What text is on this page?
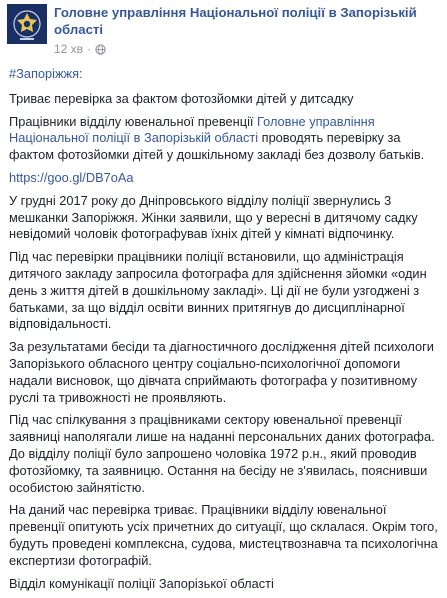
Головне управління Національної поліції в Запорізькій області
12 хв ·

#Запоріжжя:

Триває перевірка за фактом фотозйомки дітей у дитсадку

Працівники відділу ювенальної превенції Головне управління Національної поліції в Запорізькій області проводять перевірку за фактом фотозйомки дітей у дошкільному закладі без дозволу батьків.

https://goo.gl/DB7oAa

У грудні 2017 року до Дніпровського відділу поліції звернулись 3 мешканки Запоріжжя. Жінки заявили, що у вересні в дитячому садку невідомий чоловік фотографував їхніх дітей у кімнаті відпочинку.

Під час перевірки працівники поліції встановили, що адміністрація дитячого закладу запросила фотографа для здійснення зйомки «один день з життя дітей в дошкільному закладі». Ці дії не були узгоджені з батьками, за що відділ освіти винних притягнув до дисциплінарної відповідальності.

За результатами бесіди та діагностичного дослідження дітей психологи Запорізького обласного центру соціально-психологічної допомоги надали висновок, що дівчата сприймають фотографа у позитивному руслі та тривожності не проявляють.

Під час спілкування з працівниками сектору ювенальної превенції заявниці наполягали лише на наданні персональних даних фотографа. До відділу поліції було запрошено чоловіка 1972 р.н., який проводив фотозйомку, та заявницю. Остання на бесіду не з'явилась, пояснивши особистою зайнятістю.

На даний час перевірка триває. Працівники відділу ювенальної превенції опитують усіх причетних до ситуації, що склалася. Окрім того, будуть проведені комплексна, судова, мистецтвознавча та психологічна експертизи фотографій.

Відділ комунікації поліції Запорізької області
